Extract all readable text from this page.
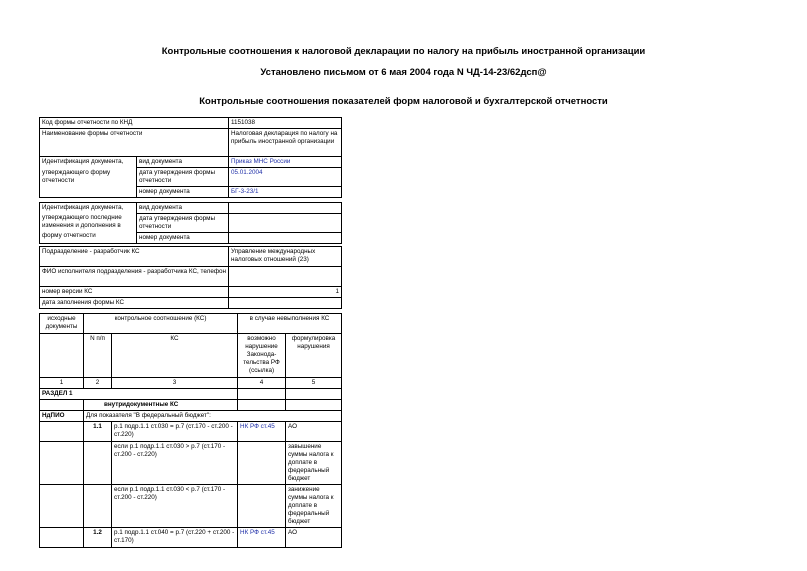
Контрольные соотношения к налоговой декларации по налогу на прибыль иностранной организации
Установлено письмом от 6 мая 2004 года N ЧД-14-23/62дсп@
Контрольные соотношения показателей форм налоговой и бухгалтерской отчетности
Код формы отчетности по КНД		1151038
Наименование формы отчетности		Налоговая декларация по налогу на прибыль иностранной организации

Идентификация документа,
утверждающего форму отчетности	вид документа	Приказ МНС России
	дата утверждения формы отчетности	05.01.2004
	номер документа	БГ-3-23/1
Идентификация документа,
утверждающего последние изменения и дополнения в
форму отчетности	вид документа	
	дата утверждения формы отчетности	
	номер документа	
Подразделение - разработчик КС	Управление международных налоговых отношений (23)
ФИО исполнителя подразделения - разработчика КС, телефон	
номер версии КС	1
дата заполнения формы КС	
исходные документы	контрольное соотношение (КС)		в случае невыполнения КС	
	N п/п	КС	возможно нарушение Законода-тельства РФ (ссылка)	формулировка нарушения
1	2	3	4	5
РАЗДЕЛ 1				
	внутридокументные КС			
НдПИО	Для показателя "В федеральный бюджет":			
	1.1	р.1 подр.1.1 ст.030 = р.7 (ст.170 - ст.200 - ст.220)	НК РФ ст.45	АО
		если р.1 подр.1.1 ст.030 > р.7 (ст.170 - ст.200 - ст.220)		завышение суммы налога к доплате в федеральный бюджет
		если р.1 подр.1.1 ст.030 < р.7 (ст.170 - ст.200 - ст.220)		занижение суммы налога к доплате в федеральный бюджет
	1.2	р.1 подр.1.1 ст.040 = р.7 (ст.220 + ст.200 - ст.170)	НК РФ ст.45	АО
